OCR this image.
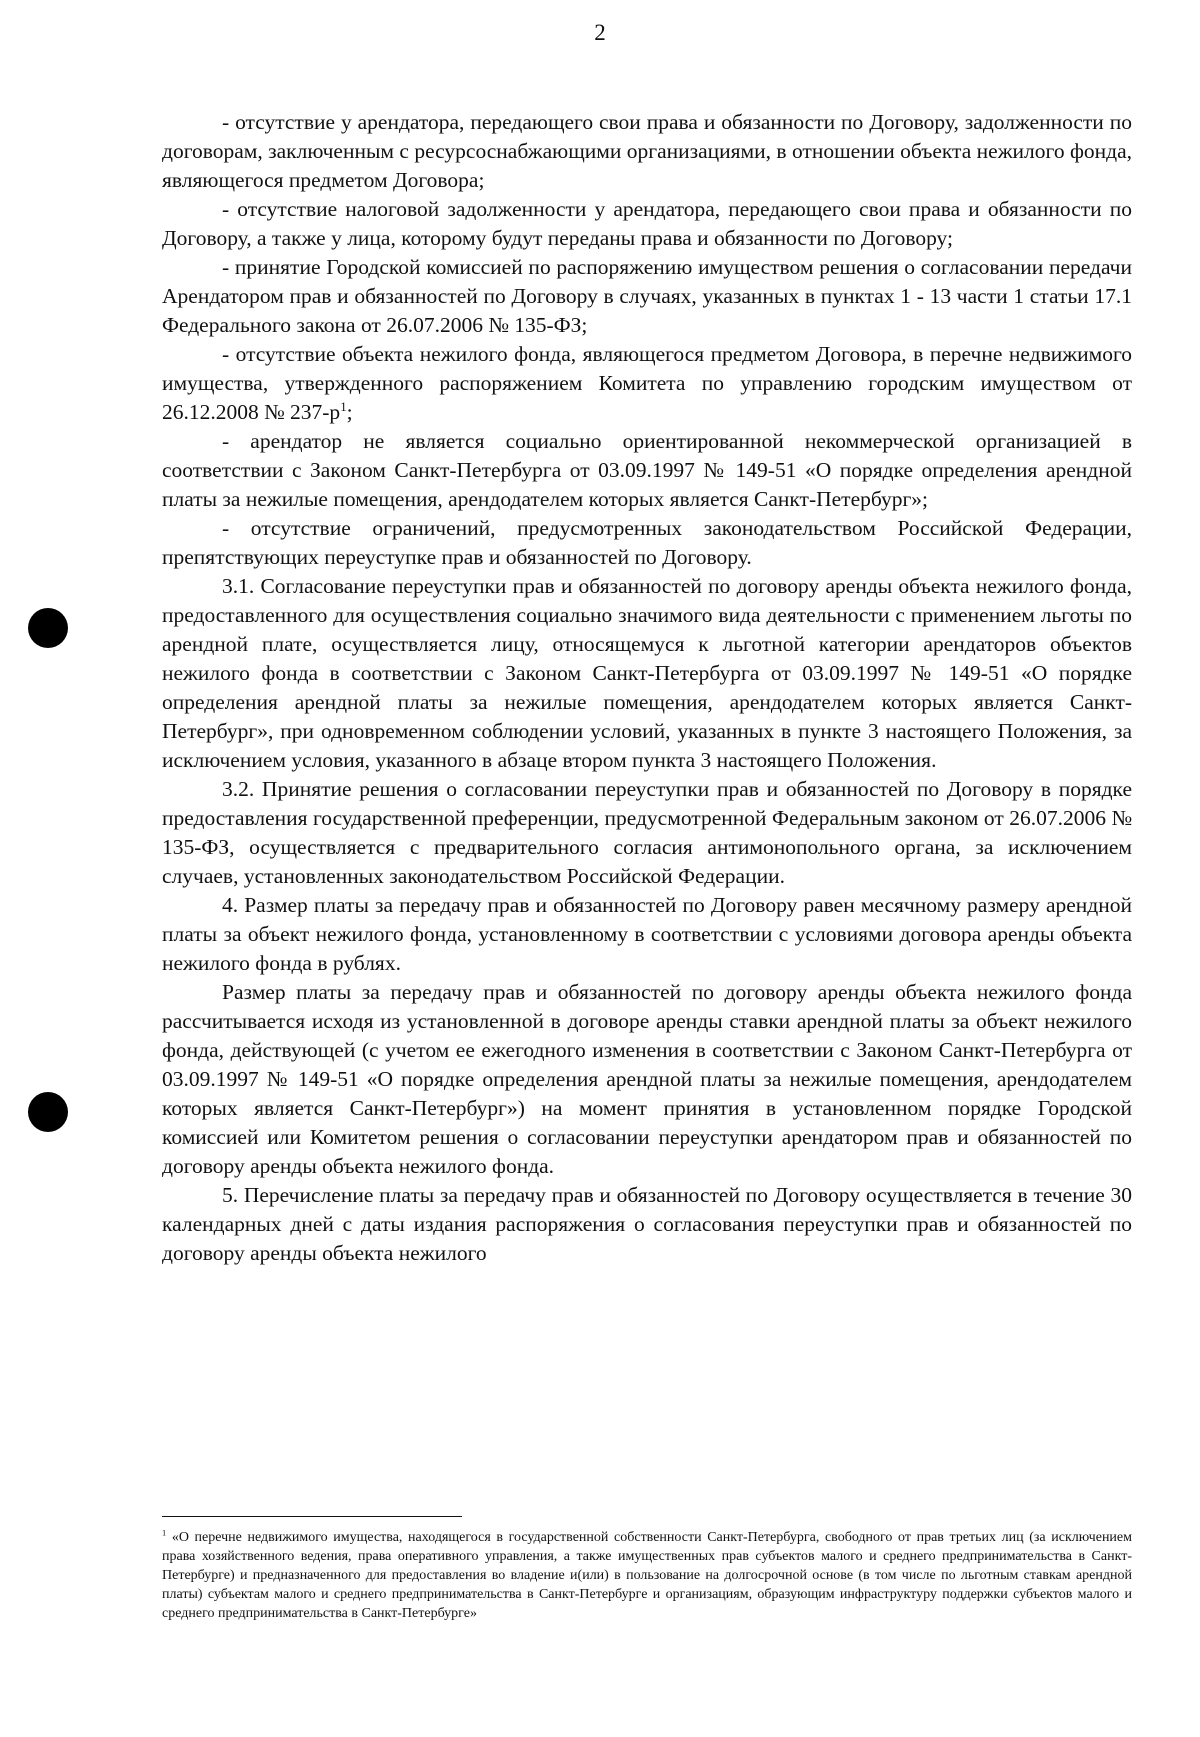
2

- отсутствие у арендатора, передающего свои права и обязанности по Договору, задолженности по договорам, заключенным с ресурсоснабжающими организациями, в отношении объекта нежилого фонда, являющегося предметом Договора;

- отсутствие налоговой задолженности у арендатора, передающего свои права и обязанности по Договору, а также у лица, которому будут переданы права и обязанности по Договору;

- принятие Городской комиссией по распоряжению имуществом решения о согласовании передачи Арендатором прав и обязанностей по Договору в случаях, указанных в пунктах 1 - 13 части 1 статьи 17.1 Федерального закона от 26.07.2006 № 135-ФЗ;

- отсутствие объекта нежилого фонда, являющегося предметом Договора, в перечне недвижимого имущества, утвержденного распоряжением Комитета по управлению городским имуществом от 26.12.2008 № $237-р^1$;

- арендатор не является социально ориентированной некоммерческой организацией в соответствии с Законом Санкт-Петербурга от 03.09.1997 № 149-51 «О порядке определения арендной платы за нежилые помещения, арендодателем которых является Санкт-Петербург»;

- отсутствие ограничений, предусмотренных законодательством Российской Федерации, препятствующих переуступке прав и обязанностей по Договору.

3.1. Согласование переуступки прав и обязанностей по договору аренды объекта нежилого фонда, предоставленного для осуществления социально значимого вида деятельности с применением льготы по арендной плате, осуществляется лицу, относящемуся к льготной категории арендаторов объектов нежилого фонда в соответствии с Законом Санкт-Петербурга от 03.09.1997 № 149-51 «О порядке определения арендной платы за нежилые помещения, арендодателем которых является Санкт-Петербург», при одновременном соблюдении условий, указанных в пункте 3 настоящего Положения, за исключением условия, указанного в абзаце втором пункта 3 настоящего Положения.

3.2. Принятие решения о согласовании переуступки прав и обязанностей по Договору в порядке предоставления государственной преференции, предусмотренной Федеральным законом от 26.07.2006 № 135-ФЗ, осуществляется с предварительного согласия антимонопольного органа, за исключением случаев, установленных законодательством Российской Федерации.

4. Размер платы за передачу прав и обязанностей по Договору равен месячному размеру арендной платы за объект нежилого фонда, установленному в соответствии с условиями договора аренды объекта нежилого фонда в рублях.

Размер платы за передачу прав и обязанностей по договору аренды объекта нежилого фонда рассчитывается исходя из установленной в договоре аренды ставки арендной платы за объект нежилого фонда, действующей (с учетом ее ежегодного изменения в соответствии с Законом Санкт-Петербурга от 03.09.1997 № 149-51 «О порядке определения арендной платы за нежилые помещения, арендодателем которых является Санкт-Петербург») на момент принятия в установленном порядке Городской комиссией или Комитетом решения о согласовании переуступки арендатором прав и обязанностей по договору аренды объекта нежилого фонда.

5. Перечисление платы за передачу прав и обязанностей по Договору осуществляется в течение 30 календарных дней с даты издания распоряжения о согласования переуступки прав и обязанностей по договору аренды объекта нежилого

$^1$ «О перечне недвижимого имущества, находящегося в государственной собственности Санкт-Петербурга, свободного от прав третьих лиц (за исключением права хозяйственного ведения, права оперативного управления, а также имущественных прав субъектов малого и среднего предпринимательства в Санкт-Петербурге) и предназначенного для предоставления во владение и(или) в пользование на долгосрочной основе (в том числе по льготным ставкам арендной платы) субъектам малого и среднего предпринимательства в Санкт-Петербурге и организациям, образующим инфраструктуру поддержки субъектов малого и среднего предпринимательства в Санкт-Петербурге»
